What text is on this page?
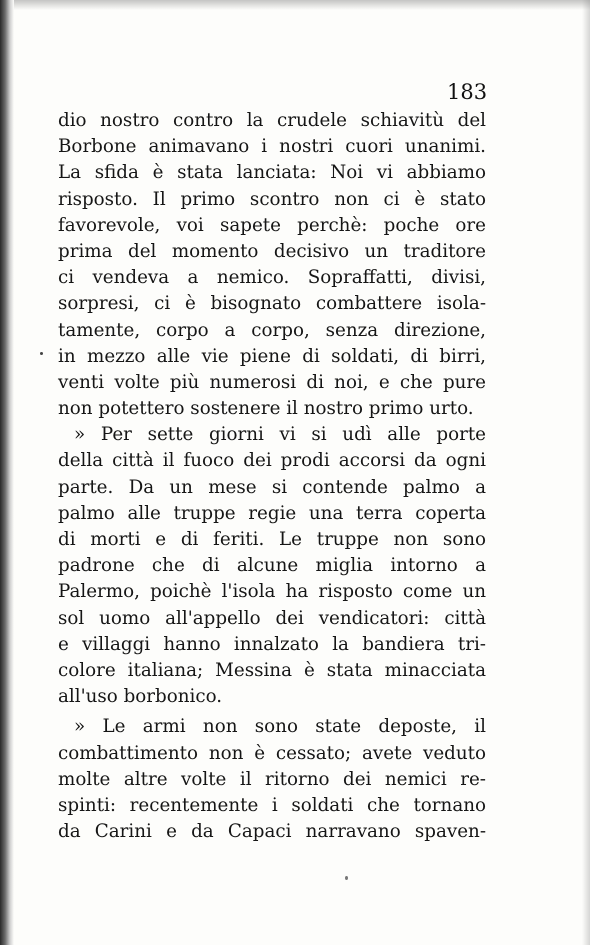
183
dio nostro contro la crudele schiavitù del
Borbone animavano i nostri cuori unanimi.
La sfida è stata lanciata: Noi vi abbiamo
risposto. Il primo scontro non ci è stato
favorevole, voi sapete perchè: poche ore
prima del momento decisivo un traditore
ci vendeva a nemico. Sopraffatti, divisi,
sorpresi, ci è bisognato combattere isola-
tamente, corpo a corpo, senza direzione,
in mezzo alle vie piene di soldati, di birri,
venti volte più numerosi di noi, e che pure
non potettero sostenere il nostro primo urto.
» Per sette giorni vi si udì alle porte
della città il fuoco dei prodi accorsi da ogni
parte. Da un mese si contende palmo a
palmo alle truppe regie una terra coperta
di morti e di feriti. Le truppe non sono
padrone che di alcune miglia intorno a
Palermo, poichè l'isola ha risposto come un
sol uomo all'appello dei vendicatori: città
e villaggi hanno innalzato la bandiera tri-
colore italiana; Messina è stata minacciata
all'uso borbonico.
» Le armi non sono state deposte, il
combattimento non è cessato; avete veduto
molte altre volte il ritorno dei nemici re-
spinti: recentemente i soldati che tornano
da Carini e da Capaci narravano spaven-
